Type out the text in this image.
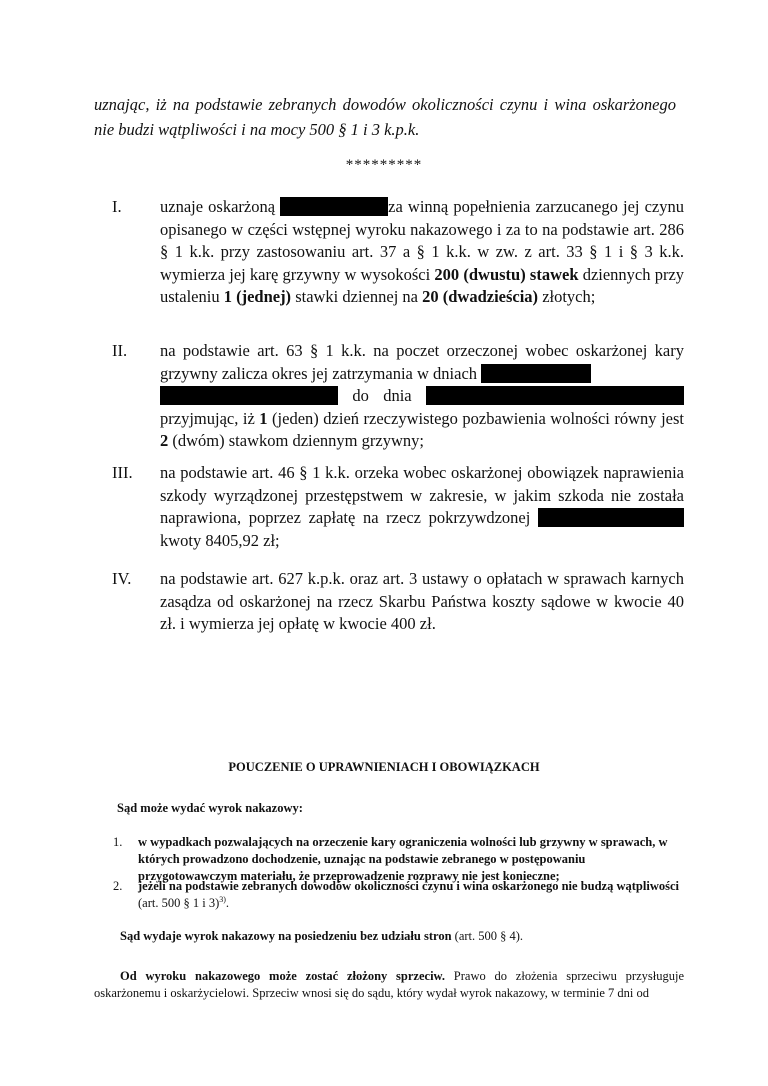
uznając, iż na podstawie zebranych dowodów okoliczności czynu i wina oskarżonego nie budzi wątpliwości i na mocy 500 § 1 i 3 k.p.k.
*********
I.	uznaje oskarżoną	za winną popełnienia zarzucanego jej czynu opisanego w części wstępnej wyroku nakazowego i za to na podstawie art. 286 § 1 k.k. przy zastosowaniu art. 37 a § 1 k.k. w zw. z art. 33 § 1 i § 3 k.k. wymierza jej karę grzywny w wysokości 200 (dwustu) stawek dziennych przy ustaleniu 1 (jednej) stawki dziennej na 20 (dwadzieścia) złotych;
II.	na podstawie art. 63 § 1 k.k. na poczet orzeczonej wobec oskarżonej kary grzywny zalicza okres jej zatrzymania w dniach
do dnia  przyjmując, iż 1 (jeden) dzień rzeczywistego pozbawienia wolności równy jest 2 (dwóm) stawkom dziennym grzywny;
III.	na podstawie art. 46 § 1 k.k. orzeka wobec oskarżonej obowiązek naprawienia szkody wyrządzonej przestępstwem w zakresie, w jakim szkoda nie została naprawiona, poprzez zapłatę na rzecz pokrzywdzonej kwoty 8405,92 zł;
IV.	na podstawie art. 627 k.p.k. oraz art. 3 ustawy o opłatach w sprawach karnych zasądza od oskarżonej na rzecz Skarbu Państwa koszty sądowe w kwocie 40 zł. i wymierza jej opłatę w kwocie 400 zł.
POUCZENIE O UPRAWNIENIACH I OBOWIĄZKACH
Sąd może wydać wyrok nakazowy:
1. w wypadkach pozwalających na orzeczenie kary ograniczenia wolności lub grzywny w sprawach, w których prowadzono dochodzenie, uznając na podstawie zebranego w postępowaniu przygotowawczym materiału, że przeprowadzenie rozprawy nie jest konieczne;
2. jeżeli na podstawie zebranych dowodów okoliczności czynu i wina oskarżonego nie budzą wątpliwości (art. 500 § 1 i 3)$^{3)}$.
Sąd wydaje wyrok nakazowy na posiedzeniu bez udziału stron (art. 500 § 4).
Od wyroku nakazowego może zostać złożony sprzeciw. Prawo do złożenia sprzeciwu przysługuje oskarżonemu i oskarżycielowi. Sprzeciw wnosi się do sądu, który wydał wyrok nakazowy, w terminie 7 dni od
